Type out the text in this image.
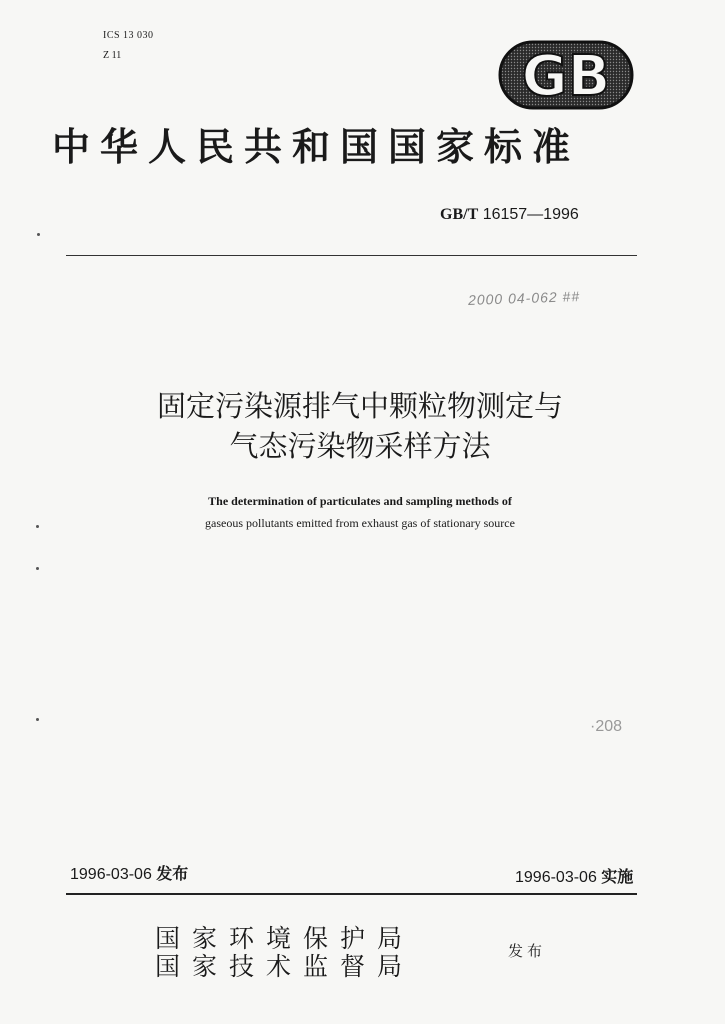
ICS 13 030
Z 11	GB
中华人民共和国国家标准
GB/T 16157—1996
2000 04-062 ##
固定污染源排气中颗粒物测定与
气态污染物采样方法
The determination of particulates and sampling methods of
gaseous pollutants emitted from exhaust gas of stationary source
·208
1996-03-06 发布	1996-03-06 实施
国家环境保护局
国家技术监督局
发布
